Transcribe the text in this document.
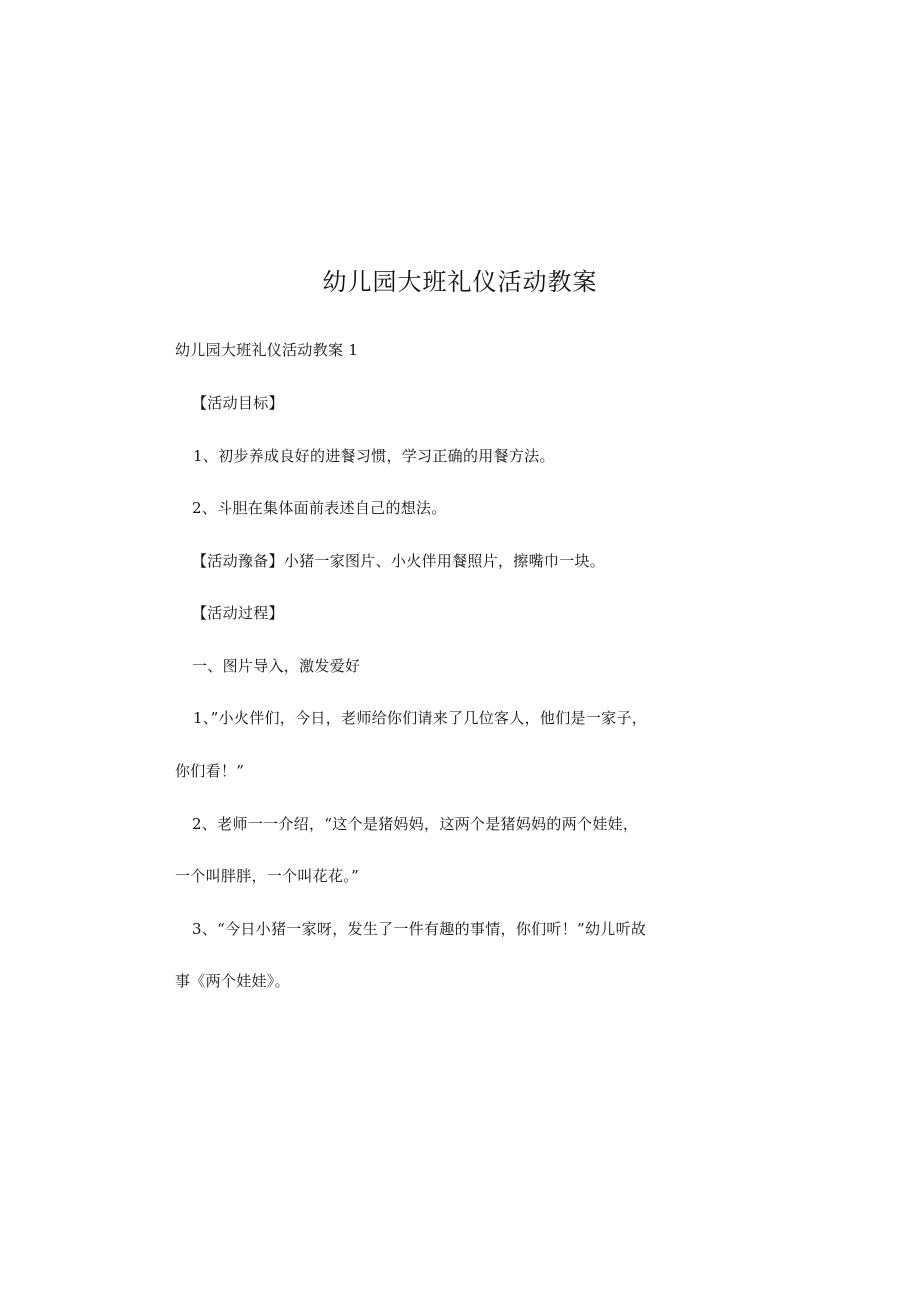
幼儿园大班礼仪活动教案
幼儿园大班礼仪活动教案 1
【活动目标】
1、初步养成良好的进餐习惯，学习正确的用餐方法。
2、斗胆在集体面前表述自己的想法。
【活动豫备】小猪一家图片、小火伴用餐照片，擦嘴巾一块。
【活动过程】
一、图片导入，激发爱好
1、”小火伴们，今日，老师给你们请来了几位客人，他们是一家子，
你们看！”
2、老师一一介绍，“这个是猪妈妈，这两个是猪妈妈的两个娃娃，
一个叫胖胖，一个叫花花。”
3、“今日小猪一家呀，发生了一件有趣的事情，你们听！”幼儿听故
事《两个娃娃》。
